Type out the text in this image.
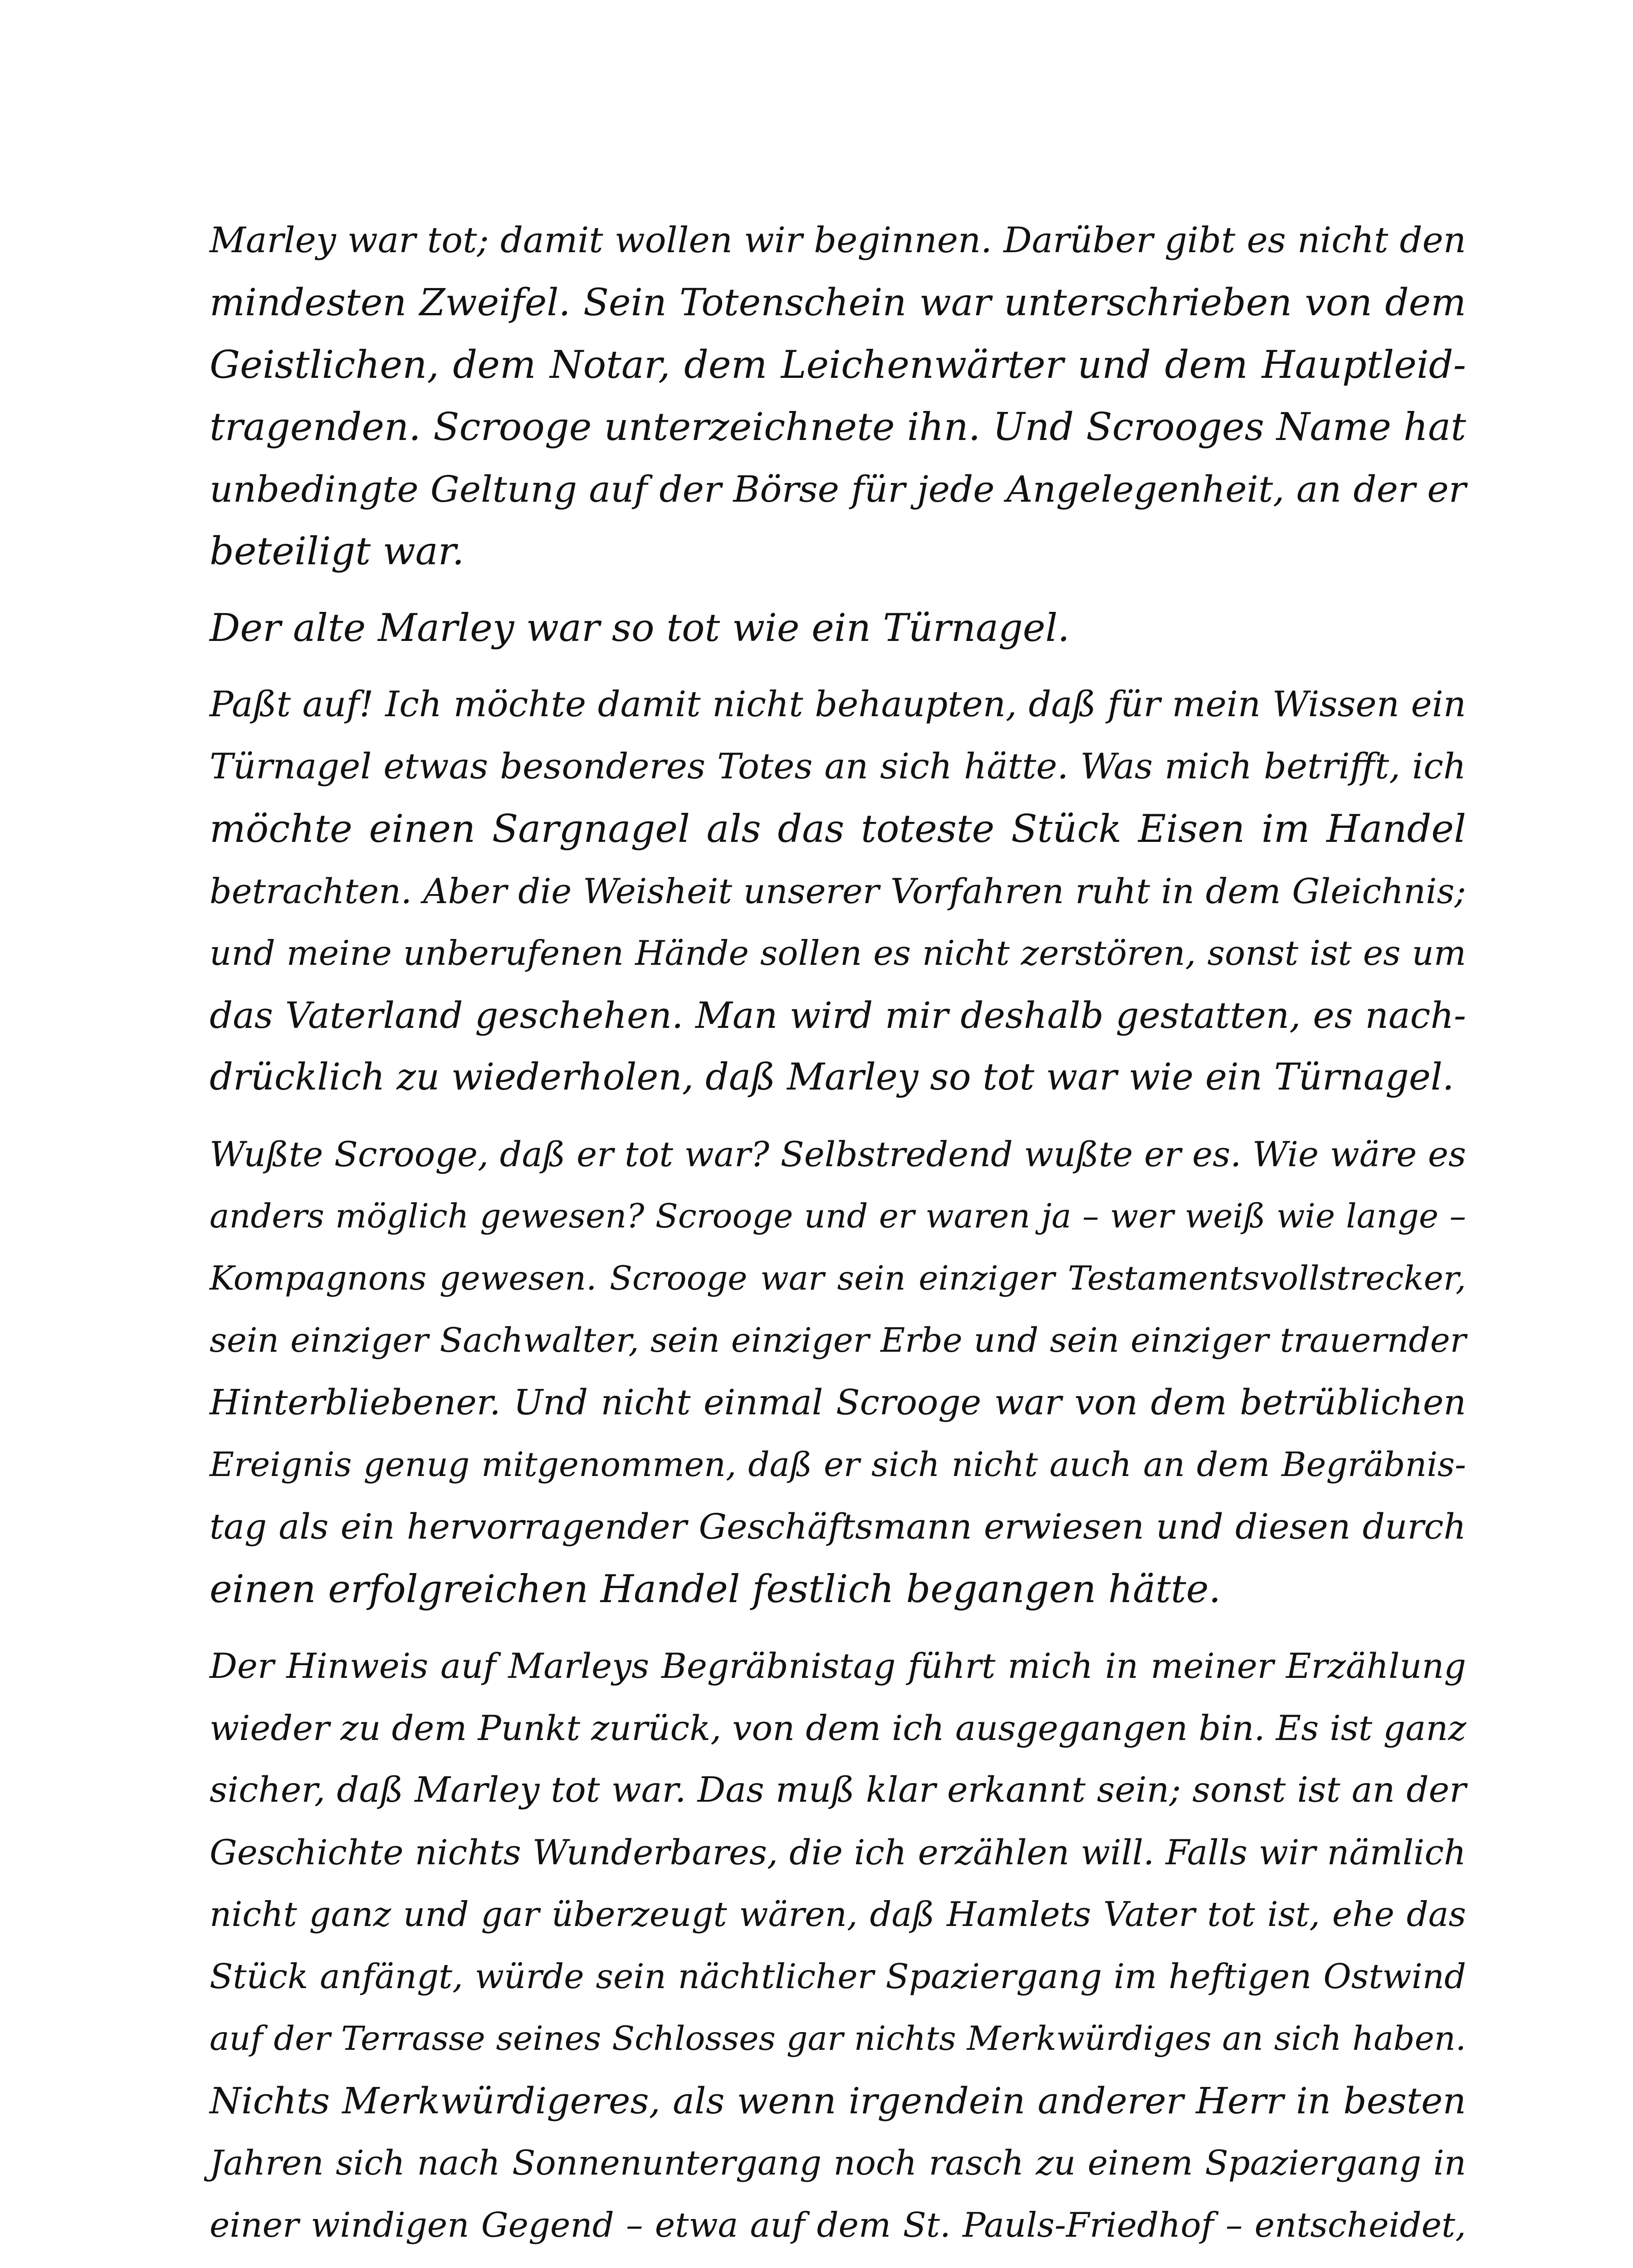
Marley war tot; damit wollen wir beginnen. Darüber gibt es nicht den
mindesten Zweifel. Sein Totenschein war unterschrieben von dem
Geistlichen, dem Notar, dem Leichenwärter und dem Hauptleid-
tragenden. Scrooge unterzeichnete ihn. Und Scrooges Name hat
unbedingte Geltung auf der Börse für jede Angelegenheit, an der er
beteiligt war.
Der alte Marley war so tot wie ein Türnagel.
Paßt auf! Ich möchte damit nicht behaupten, daß für mein Wissen ein
Türnagel etwas besonderes Totes an sich hätte. Was mich betrifft, ich
möchte einen Sargnagel als das toteste Stück Eisen im Handel
betrachten. Aber die Weisheit unserer Vorfahren ruht in dem Gleichnis;
und meine unberufenen Hände sollen es nicht zerstören, sonst ist es um
das Vaterland geschehen. Man wird mir deshalb gestatten, es nach-
drücklich zu wiederholen, daß Marley so tot war wie ein Türnagel.
Wußte Scrooge, daß er tot war? Selbstredend wußte er es. Wie wäre es
anders möglich gewesen? Scrooge und er waren ja – wer weiß wie lange –
Kompagnons gewesen. Scrooge war sein einziger Testamentsvollstrecker,
sein einziger Sachwalter, sein einziger Erbe und sein einziger trauernder
Hinterbliebener. Und nicht einmal Scrooge war von dem betrüblichen
Ereignis genug mitgenommen, daß er sich nicht auch an dem Begräbnis-
tag als ein hervorragender Geschäftsmann erwiesen und diesen durch
einen erfolgreichen Handel festlich begangen hätte.
Der Hinweis auf Marleys Begräbnistag führt mich in meiner Erzählung
wieder zu dem Punkt zurück, von dem ich ausgegangen bin. Es ist ganz
sicher, daß Marley tot war. Das muß klar erkannt sein; sonst ist an der
Geschichte nichts Wunderbares, die ich erzählen will. Falls wir nämlich
nicht ganz und gar überzeugt wären, daß Hamlets Vater tot ist, ehe das
Stück anfängt, würde sein nächtlicher Spaziergang im heftigen Ostwind
auf der Terrasse seines Schlosses gar nichts Merkwürdiges an sich haben.
Nichts Merkwürdigeres, als wenn irgendein anderer Herr in besten
Jahren sich nach Sonnenuntergang noch rasch zu einem Spaziergang in
einer windigen Gegend – etwa auf dem St. Pauls-Friedhof – entscheidet,
